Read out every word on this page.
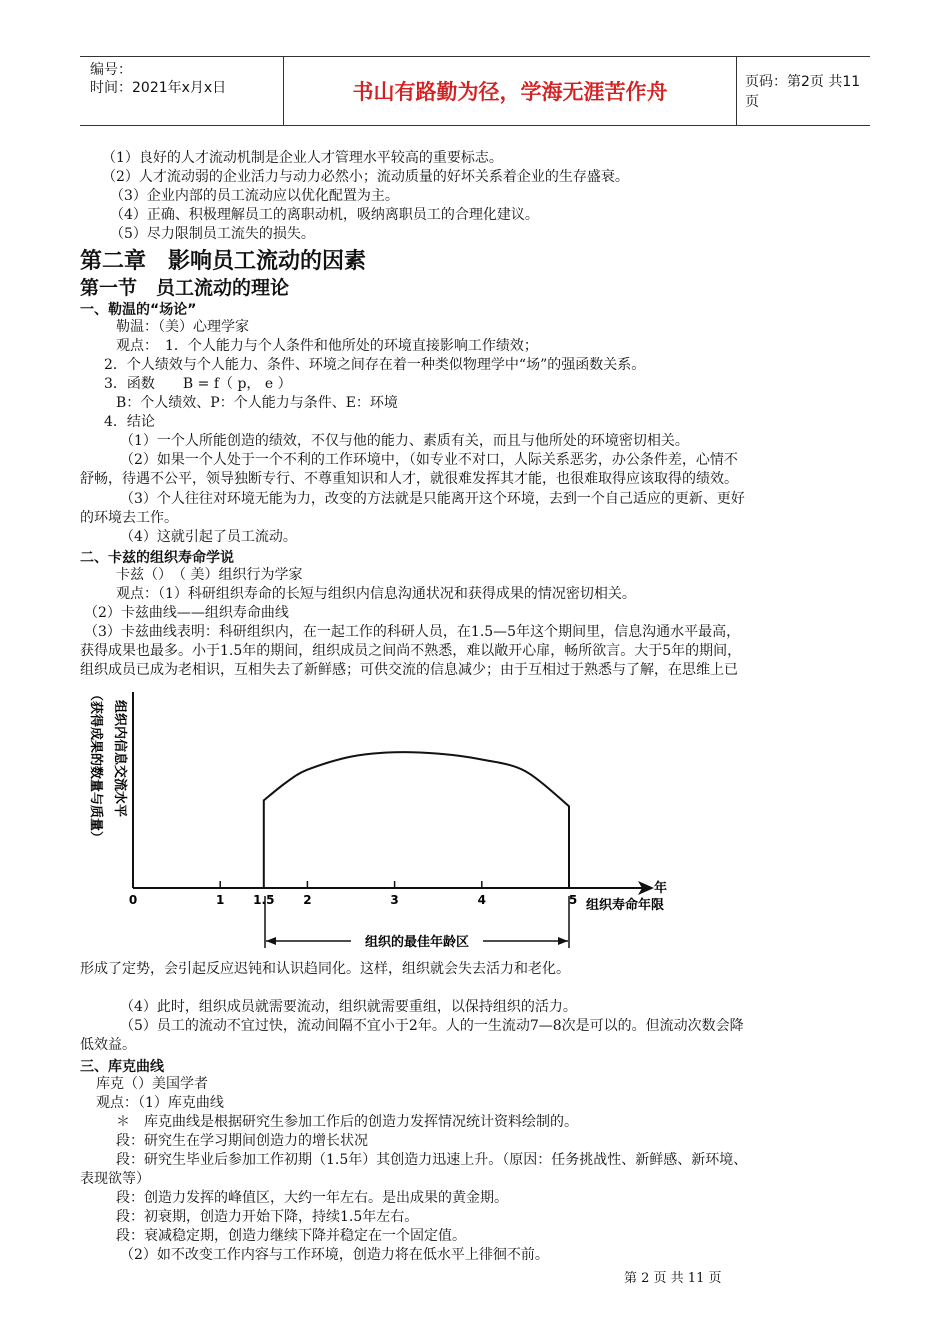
编号：
时间：2021年x月x日	书山有路勤为径，学海无涯苦作舟	页码：第2页 共11页
（1）良好的人才流动机制是企业人才管理水平较高的重要标志。
（2）人才流动弱的企业活力与动力必然小；流动质量的好坏关系着企业的生存盛衰。
（3）企业内部的员工流动应以优化配置为主。
（4）正确、积极理解员工的离职动机，吸纳离职员工的合理化建议。
（5）尽力限制员工流失的损失。
第二章　影响员工流动的因素
第一节　员工流动的理论
一、勒温的“场论”
勒温：（美）心理学家
观点：　1．个人能力与个人条件和他所处的环境直接影响工作绩效；
2．个人绩效与个人能力、条件、环境之间存在着一种类似物理学中“场”的强函数关系。
3．函数　　B = f（ p， e ）
B：个人绩效、P：个人能力与条件、E：环境
4．结论
（1）一个人所能创造的绩效，不仅与他的能力、素质有关，而且与他所处的环境密切相关。
（2）如果一个人处于一个不利的工作环境中，（如专业不对口，人际关系恶劣，办公条件差，心情不
舒畅，待遇不公平，领导独断专行、不尊重知识和人才，就很难发挥其才能，也很难取得应该取得的绩效。
（3）个人往往对环境无能为力，改变的方法就是只能离开这个环境，去到一个自己适应的更新、更好
的环境去工作。
（4）这就引起了员工流动。
二、卡兹的组织寿命学说
卡兹（）　（ 美）组织行为学家
观点：（1）科研组织寿命的长短与组织内信息沟通状况和获得成果的情况密切相关。
（2）卡兹曲线——组织寿命曲线
（3）卡兹曲线表明：科研组织内，在一起工作的科研人员，在1.5—5年这个期间里，信息沟通水平最高，
获得成果也最多。小于1.5年的期间，组织成员之间尚不熟悉，难以敞开心扉，畅所欲言。大于5年的期间，
组织成员已成为老相识，互相失去了新鲜感；可供交流的信息减少；由于互相过于熟悉与了解，在思维上已
（获得成果的数量与质量） 组织内信息交流水平
年
组织寿命年限
0	1 1.5 2	3	4	5
组织的最佳年龄区
形成了定势，会引起反应迟钝和认识趋同化。这样，组织就会失去活力和老化。
（4）此时，组织成员就需要流动，组织就需要重组，以保持组织的活力。
（5）员工的流动不宜过快，流动间隔不宜小于2年。人的一生流动7—8次是可以的。但流动次数会降
低效益。
三、库克曲线
库克（）美国学者
观点：（1）库克曲线
＊　库克曲线是根据研究生参加工作后的创造力发挥情况统计资料绘制的。
段：研究生在学习期间创造力的增长状况
段：研究生毕业后参加工作初期（1.5年）其创造力迅速上升。（原因：任务挑战性、新鲜感、新环境、
表现欲等）
段：创造力发挥的峰值区，大约一年左右。是出成果的黄金期。
段：初衰期，创造力开始下降，持续1.5年左右。
段：衰减稳定期，创造力继续下降并稳定在一个固定值。
（2）如不改变工作内容与工作环境，创造力将在低水平上徘徊不前。
第 2 页 共 11 页
